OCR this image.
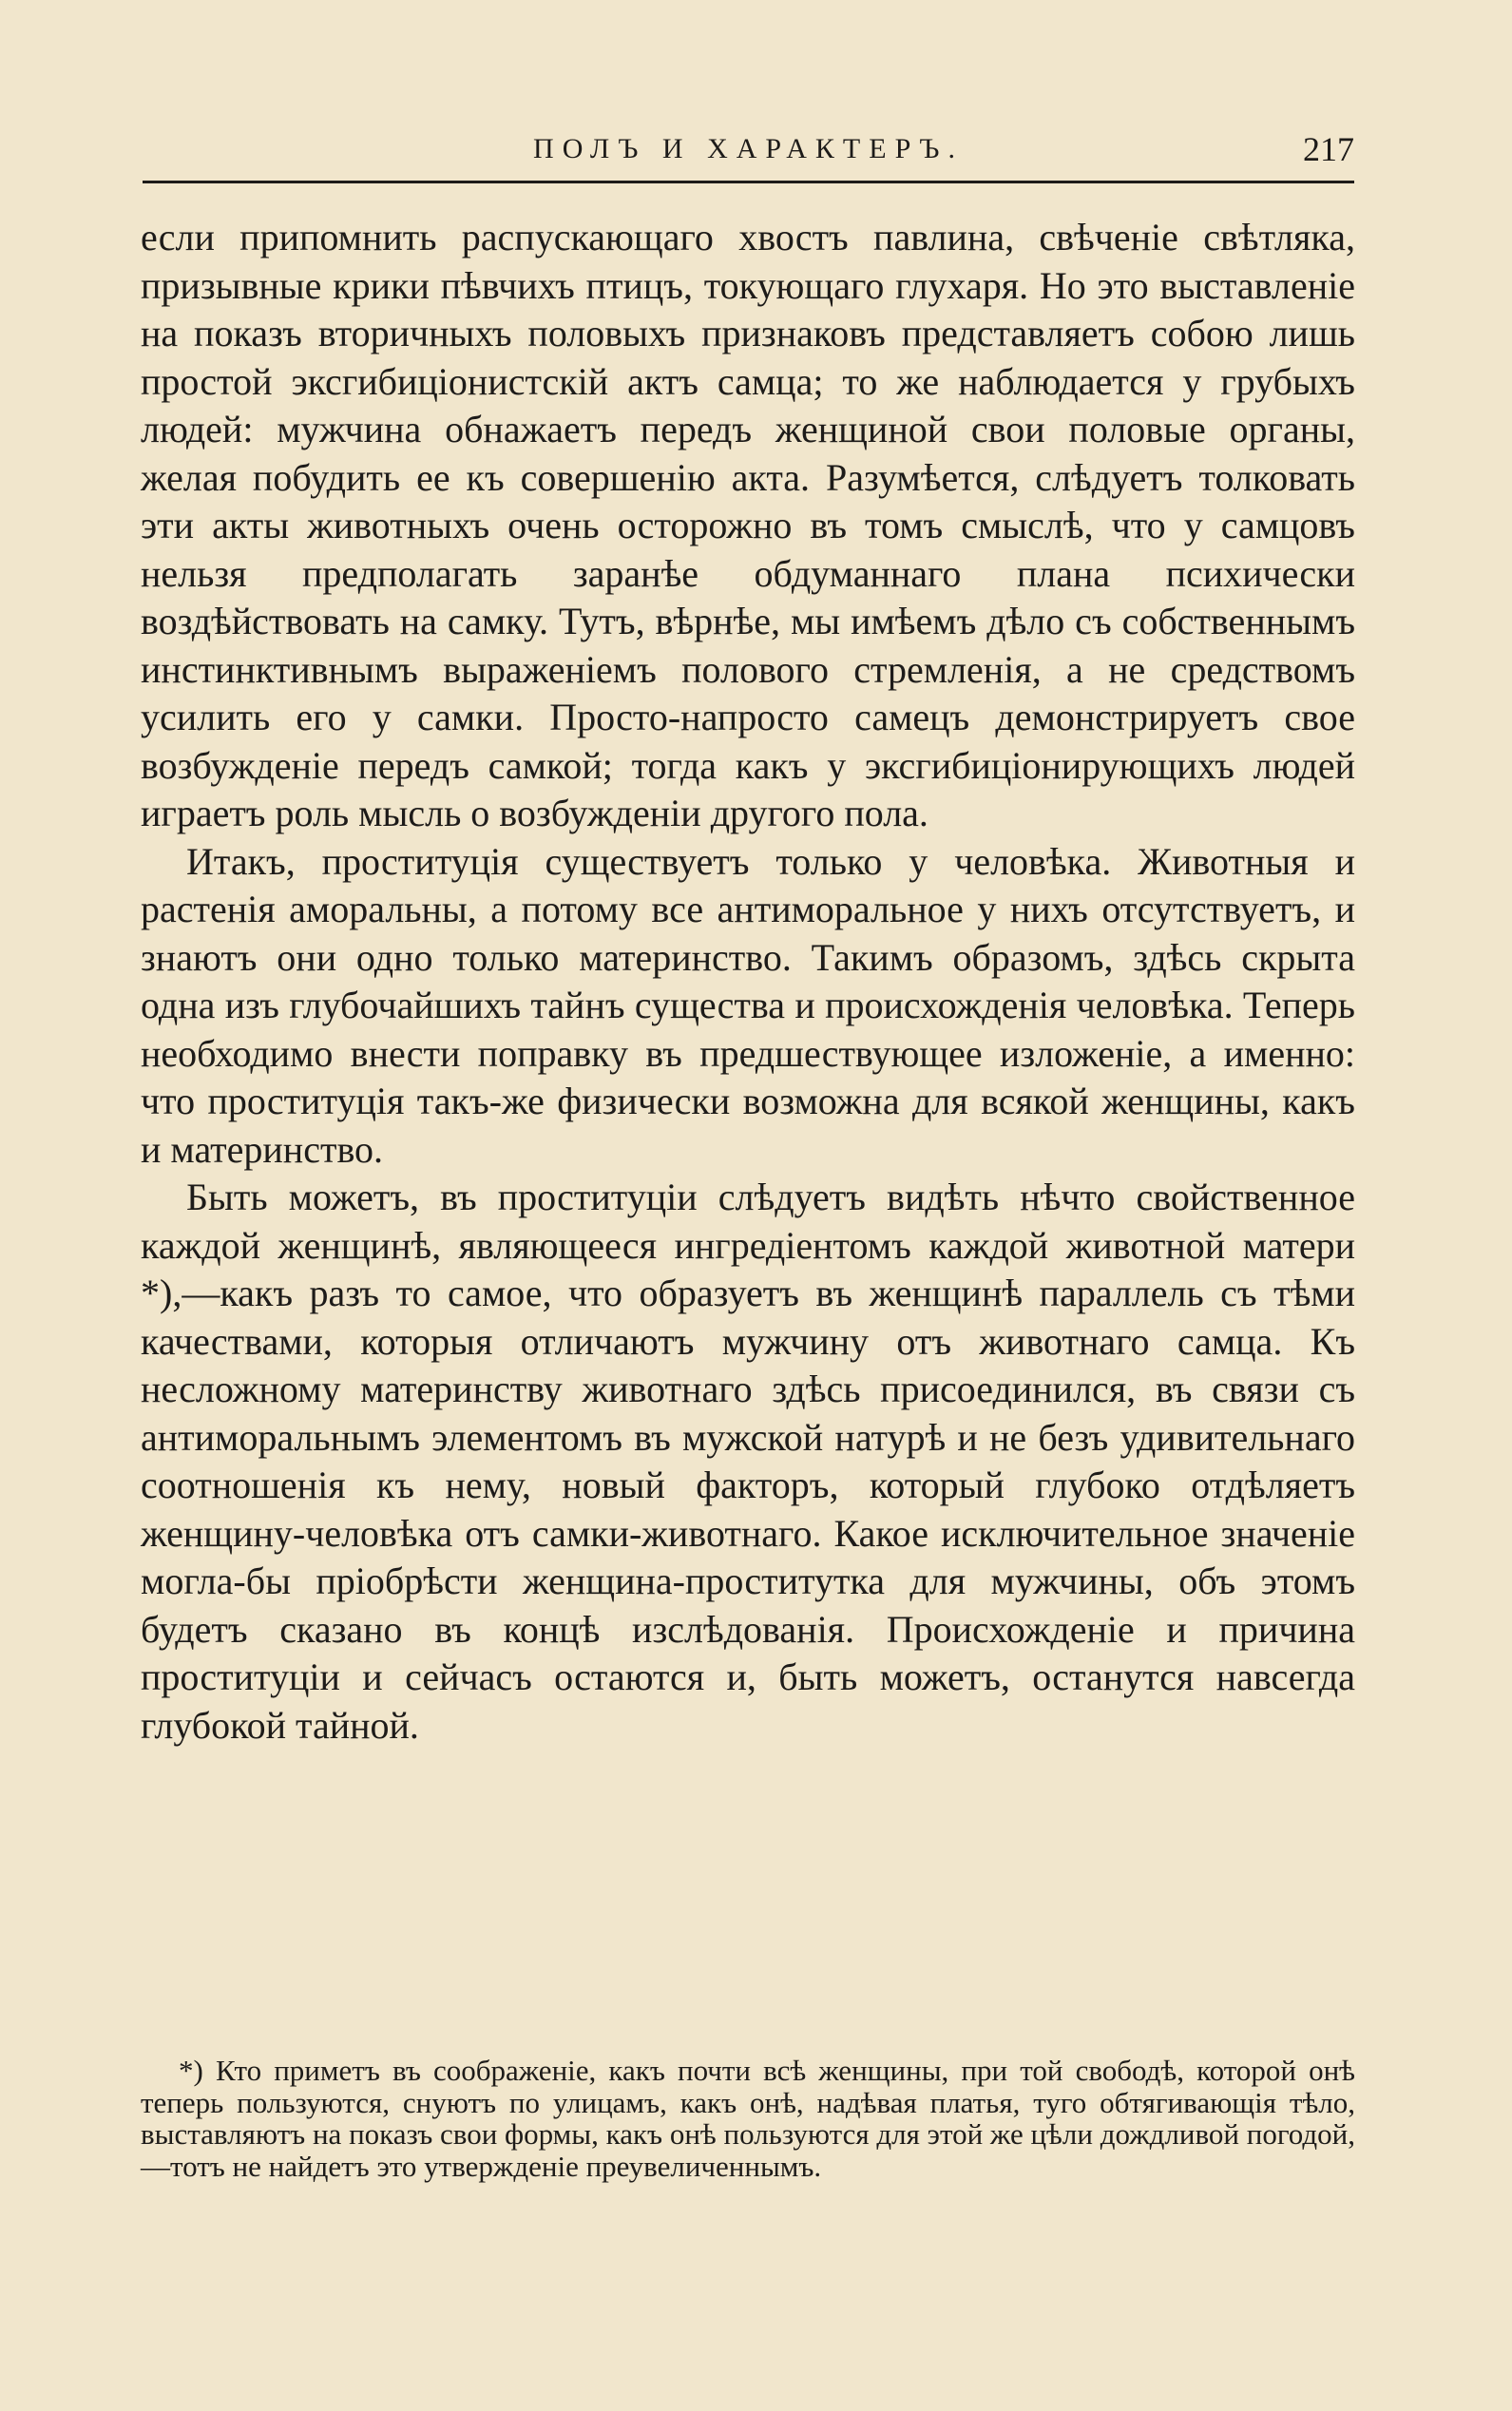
ПОЛЪ И ХАРАКТЕРЪ.	217

если припомнить распускающаго хвостъ павлина, свѣченіе свѣтляка, призывные крики пѣвчихъ птицъ, токующаго глухаря. Но это выставленіе на показъ вторичныхъ половыхъ признаковъ представляетъ собою лишь простой эксгибиціонистскій актъ самца; то же наблюдается у грубыхъ людей: мужчина обнажаетъ передъ женщиной свои половые органы, желая побудить ее къ совершенію акта. Разумѣется, слѣдуетъ толковать эти акты животныхъ очень осторожно въ томъ смыслѣ, что у самцовъ нельзя предполагать заранѣе обдуманнаго плана психически воздѣйствовать на самку. Тутъ, вѣрнѣе, мы имѣемъ дѣло съ собственнымъ инстинктивнымъ выраженіемъ полового стремленія, а не средствомъ усилить его у самки. Просто-напросто самецъ демонстрируетъ свое возбужденіе передъ самкой; тогда какъ у эксгибиціонирующихъ людей играетъ роль мысль о возбужденіи другого пола.

Итакъ, проституція существуетъ только у человѣка. Животныя и растенія аморальны, а потому все антиморальное у нихъ отсутствуетъ, и знаютъ они одно только материнство. Такимъ образомъ, здѣсь скрыта одна изъ глубочайшихъ тайнъ существа и происхожденія человѣка. Теперь необходимо внести поправку въ предшествующее изложеніе, а именно: что проституція такъ-же физически возможна для всякой женщины, какъ и материнство.

Быть можетъ, въ проституціи слѣдуетъ видѣть нѣчто свойственное каждой женщинѣ, являющееся ингредіентомъ каждой животной матери *),—какъ разъ то самое, что образуетъ въ женщинѣ параллель съ тѣми качествами, которыя отличаютъ мужчину отъ животнаго самца. Къ несложному материнству животнаго здѣсь присоединился, въ связи съ антиморальнымъ элементомъ въ мужской натурѣ и не безъ удивительнаго соотношенія къ нему, новый факторъ, который глубоко отдѣляетъ женщину-человѣка отъ самки-животнаго. Какое исключительное значеніе могла-бы пріобрѣсти женщина-проститутка для мужчины, объ этомъ будетъ сказано въ концѣ изслѣдованія. Происхожденіе и причина проституціи и сейчасъ остаются и, быть можетъ, останутся навсегда глубокой тайной.

*) Кто приметъ въ соображеніе, какъ почти всѣ женщины, при той свободѣ, которой онѣ теперь пользуются, снуютъ по улицамъ, какъ онѣ, надѣвая платья, туго обтягивающія тѣло, выставляютъ на показъ свои формы, какъ онѣ пользуются для этой же цѣли дождливой погодой,—тотъ не найдетъ это утвержденіе преувеличеннымъ.
